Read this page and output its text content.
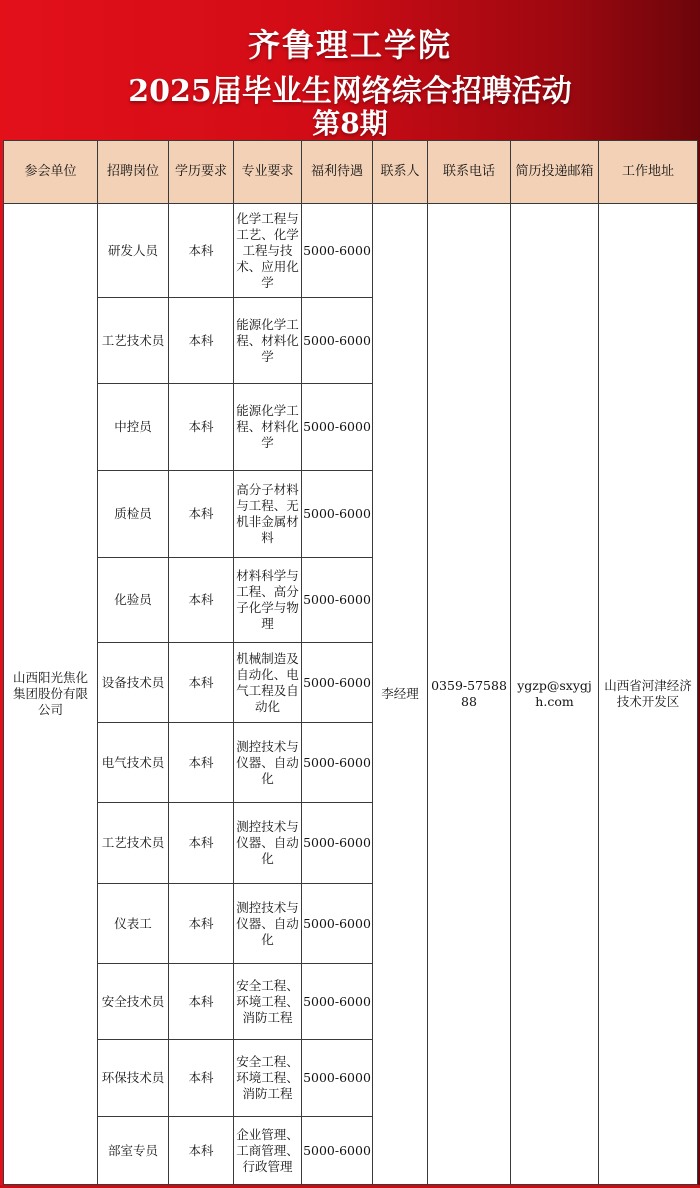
齐鲁理工学院
2025届毕业生网络综合招聘活动
第8期
参会单位	招聘岗位	学历要求	专业要求	福利待遇	联系人	联系电话	简历投递邮箱	工作地址
山西阳光焦化集团股份有限公司	研发人员	本科	化学工程与工艺、化学工程与技术、应用化学	5000-6000	李经理	0359-5758888	ygzp@sxygjh.com	山西省河津经济技术开发区
	工艺技术员	本科	能源化学工程、材料化学	5000-6000				
	中控员	本科	能源化学工程、材料化学	5000-6000				
	质检员	本科	高分子材料与工程、无机非金属材料	5000-6000				
	化验员	本科	材料科学与工程、高分子化学与物理	5000-6000				
	设备技术员	本科	机械制造及自动化、电气工程及自动化	5000-6000				
	电气技术员	本科	测控技术与仪器、自动化	5000-6000				
	工艺技术员	本科	测控技术与仪器、自动化	5000-6000				
	仪表工	本科	测控技术与仪器、自动化	5000-6000				
	安全技术员	本科	安全工程、环境工程、消防工程	5000-6000				
	环保技术员	本科	安全工程、环境工程、消防工程	5000-6000				
	部室专员	本科	企业管理、工商管理、行政管理	5000-6000				
